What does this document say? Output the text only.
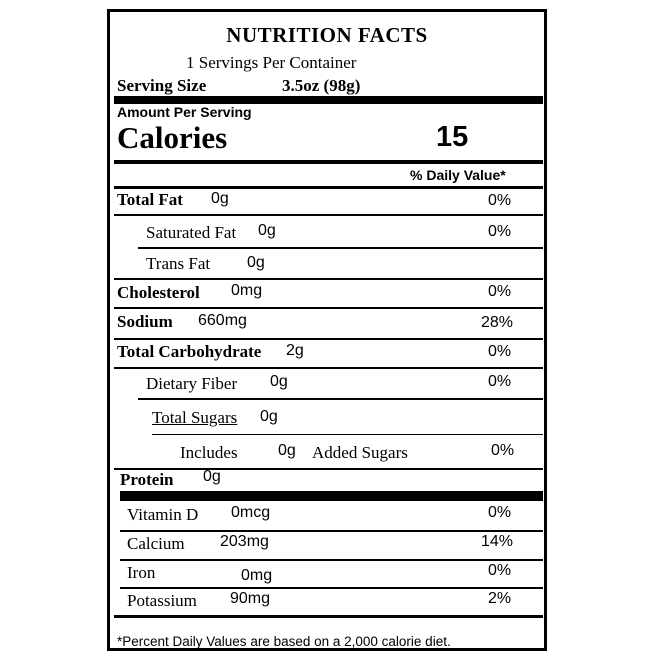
NUTRITION FACTS
1 Servings Per Container
Serving Size	3.5oz (98g)
Amount Per Serving
Calories	15
% Daily Value*
Total Fat 0g	0%
Saturated Fat 0g	0%
Trans Fat 0g
Cholesterol 0mg	0%
Sodium 660mg	28%
Total Carbohydrate 2g	0%
Dietary Fiber 0g	0%
Total Sugars 0g
Includes	0g Added Sugars	0%
Protein 0g
Vitamin D 0mcg	0%
Calcium 203mg	14%
Iron	0mg	0%
Potassium 90mg	2%
*Percent Daily Values are based on a 2,000 calorie diet.
